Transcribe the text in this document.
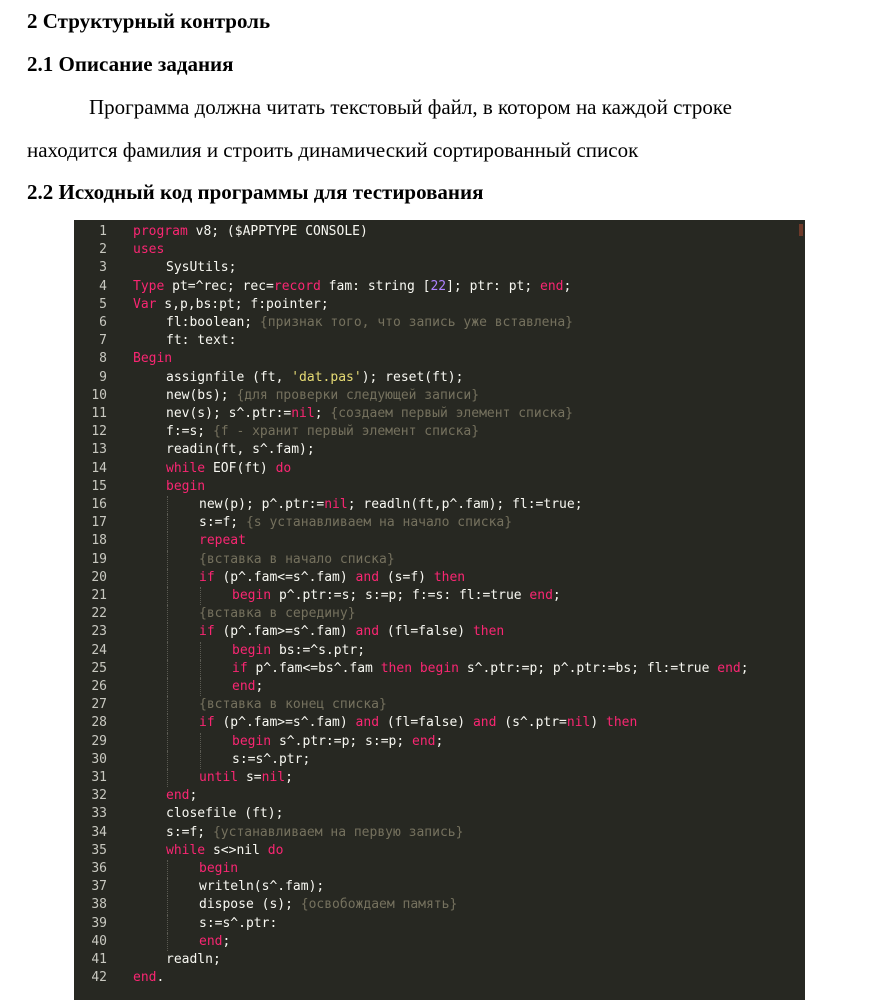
2 Структурный контроль
2.1 Описание задания
Программа должна читать текстовый файл, в котором на каждой строке
находится фамилия и строить динамический сортированный список
2.2 Исходный код программы для тестирования
1 program v8; ($APPTYPE CONSOLE)
2 uses
3	SysUtils;
4 Type pt=^rec; rec=record fam: string [22]; ptr: pt; end;
5 Var s,p,bs:pt; f:pointer;
6	fl:boolean; {признак того, что запись уже вставлена}
7	ft: text:
8 Begin
9	assignfile (ft, 'dat.pas'); reset(ft);
10	new(bs); {для проверки следующей записи}
11	nev(s); s^.ptr:=nil; {создаем первый элемент списка}
12	f:=s; {f - хранит первый элемент списка}
13	readin(ft, s^.fam);
14	while EOF(ft) do
15	begin
16	new(p); p^.ptr:=nil; readln(ft,p^.fam); fl:=true;
17	s:=f; {s устанавливаем на начало списка}
18	repeat
19	{вставка в начало списка}
20	if (p^.fam<=s^.fam) and (s=f) then
21	begin p^.ptr:=s; s:=p; f:=s: fl:=true end;
22	{вставка в середину}
23	if (p^.fam>=s^.fam) and (fl=false) then
24	begin bs:=^s.ptr;
25	if p^.fam<=bs^.fam then begin s^.ptr:=p; p^.ptr:=bs; fl:=true end;
26	end;
27	{вставка в конец списка}
28	if (p^.fam>=s^.fam) and (fl=false) and (s^.ptr=nil) then
29	begin s^.ptr:=p; s:=p; end;
30	s:=s^.ptr;
31	until s=nil;
32	end;
33	closefile (ft);
34	s:=f; {устанавливаем на первую запись}
35	while s<>nil do
36	begin
37	writeln(s^.fam);
38	dispose (s); {освобождаем память}
39	s:=s^.ptr:
40	end;
41	readln;
42 end.
